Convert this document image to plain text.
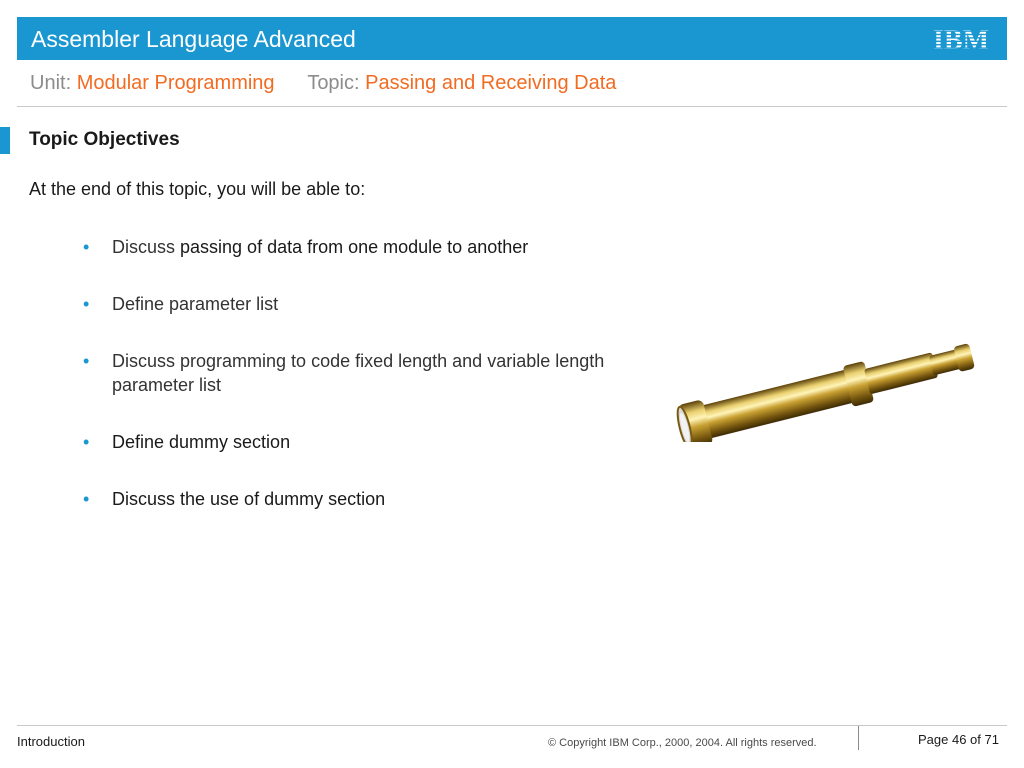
Assembler Language Advanced	IBM
Unit: Modular Programming Topic: Passing and Receiving Data
Topic Objectives
At the end of this topic, you will be able to:
• Discuss passing of data from one module to another
• Define parameter list
• Discuss programming to code fixed length and variable length parameter list
• Define dummy section
• Discuss the use of dummy section
Introduction	© Copyright IBM Corp., 2000, 2004. All rights reserved.	Page 46 of 71
